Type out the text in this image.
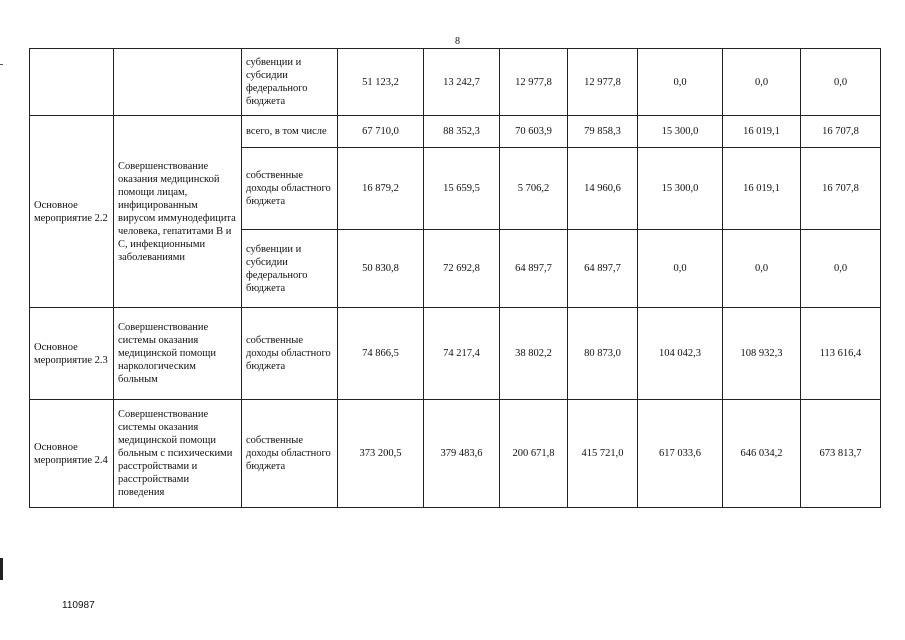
8
		субвенции и субсидии федерального бюджета	51 123,2	13 242,7	12 977,8	12 977,8	0,0	0,0	0,0
Основное мероприятие 2.2	Совершенствование оказания медицинской помощи лицам, инфицированным вирусом иммунодефицита человека, гепатитами В и С, инфекционными заболеваниями	всего, в том числе	67 710,0	88 352,3	70 603,9	79 858,3	15 300,0	16 019,1	16 707,8
		собственные доходы областного бюджета	16 879,2	15 659,5	5 706,2	14 960,6	15 300,0	16 019,1	16 707,8
		субвенции и субсидии федерального бюджета	50 830,8	72 692,8	64 897,7	64 897,7	0,0	0,0	0,0
Основное мероприятие 2.3	Совершенствование системы оказания медицинской помощи наркологическим больным	собственные доходы областного бюджета	74 866,5	74 217,4	38 802,2	80 873,0	104 042,3	108 932,3	113 616,4
Основное мероприятие 2.4	Совершенствование системы оказания медицинской помощи больным с психическими расстройствами и расстройствами поведения	собственные доходы областного бюджета	373 200,5	379 483,6	200 671,8	415 721,0	617 033,6	646 034,2	673 813,7
110987
